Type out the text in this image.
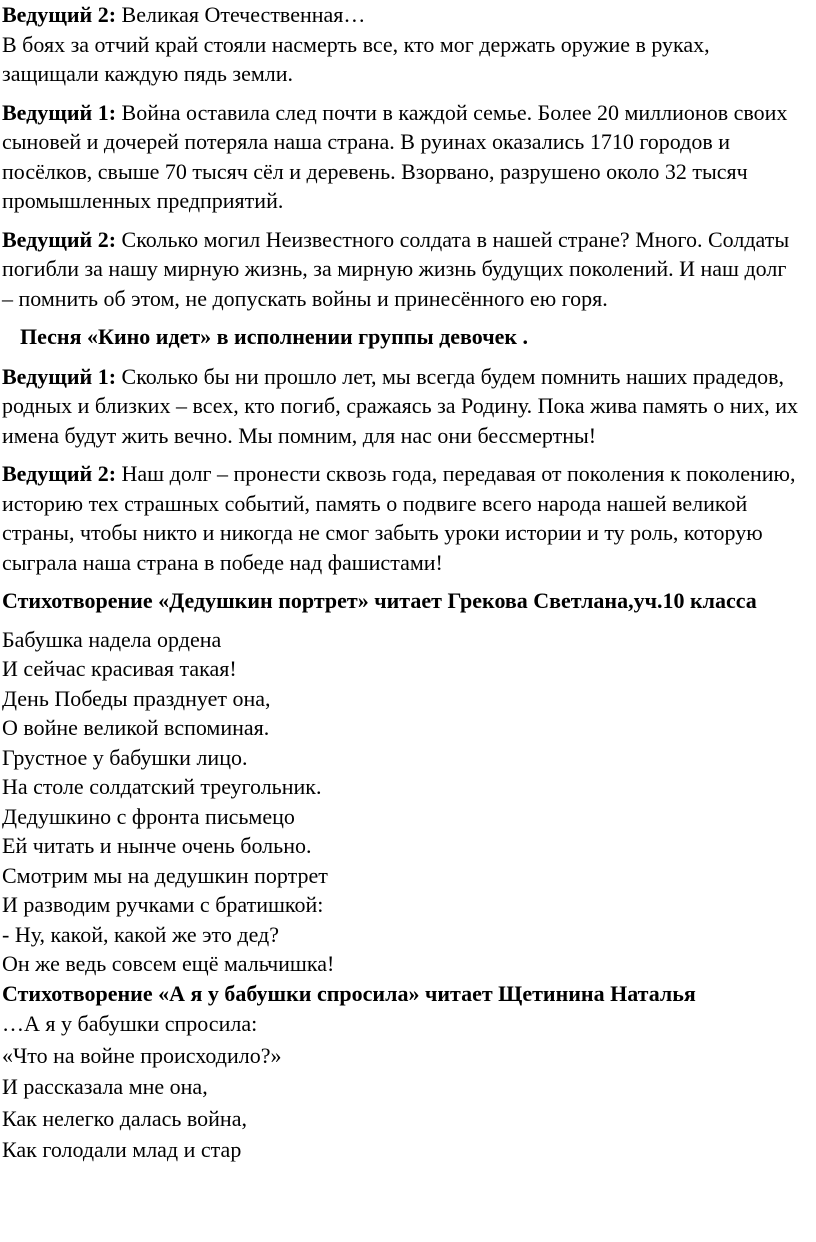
Ведущий 2: Великая Отечественная…
В боях за отчий край стояли насмерть все, кто мог держать оружие в руках, защищали каждую пядь земли.

Ведущий 1: Война оставила след почти в каждой семье. Более 20 миллионов своих сыновей и дочерей потеряла наша страна. В руинах оказались 1710 городов и посёлков, свыше 70 тысяч сёл и деревень. Взорвано, разрушено около 32 тысяч промышленных предприятий.

Ведущий 2: Сколько могил Неизвестного солдата в нашей стране? Много. Солдаты погибли за нашу мирную жизнь, за мирную жизнь будущих поколений. И наш долг – помнить об этом, не допускать войны и принесённого ею горя.

Песня «Кино идет» в исполнении группы девочек .

Ведущий 1: Сколько бы ни прошло лет, мы всегда будем помнить наших прадедов, родных и близких – всех, кто погиб, сражаясь за Родину. Пока жива память о них, их имена будут жить вечно. Мы помним, для нас они бессмертны!

Ведущий 2: Наш долг – пронести сквозь года, передавая от поколения к поколению, историю тех страшных событий, память о подвиге всего народа нашей великой страны, чтобы никто и никогда не смог забыть уроки истории и ту роль, которую сыграла наша страна в победе над фашистами!

Стихотворение «Дедушкин портрет» читает Грекова Светлана,уч.10 класса

Бабушка надела ордена
И сейчас красивая такая!
День Победы празднует она,
О войне великой вспоминая.
Грустное у бабушки лицо.
На столе солдатский треугольник.
Дедушкино с фронта письмецо
Ей читать и нынче очень больно.
Смотрим мы на дедушкин портрет
И разводим ручками с братишкой:
- Ну, какой, какой же это дед?
Он же ведь совсем ещё мальчишка!

Стихотворение «А я у бабушки спросила» читает Щетинина Наталья

…А я у бабушки спросила:
«Что на войне происходило?»
И рассказала мне она,
Как нелегко далась война,
Как голодали млад и стар
